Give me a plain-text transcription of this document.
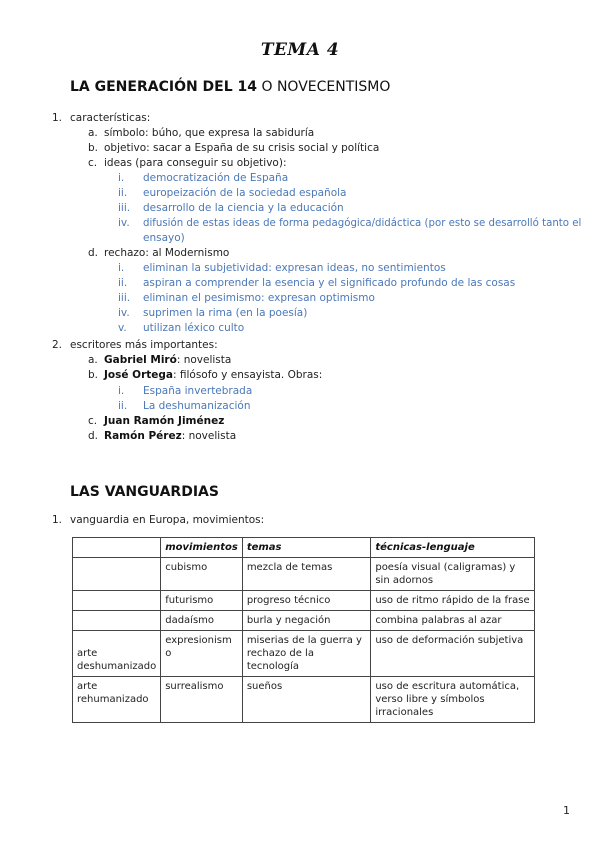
TEMA 4
LA GENERACIÓN DEL 14 O NOVECENTISMO
1. características:
a. símbolo: búho, que expresa la sabiduría
b. objetivo: sacar a España de su crisis social y política
c. ideas (para conseguir su objetivo):
i. democratización de España
ii. europeización de la sociedad española
iii. desarrollo de la ciencia y la educación
iv. difusión de estas ideas de forma pedagógica/didáctica (por esto se desarrolló tanto el
ensayo)
d. rechazo: al Modernismo
i. eliminan la subjetividad: expresan ideas, no sentimientos
ii. aspiran a comprender la esencia y el significado profundo de las cosas
iii. eliminan el pesimismo: expresan optimismo
iv. suprimen la rima (en la poesía)
v. utilizan léxico culto
2. escritores más importantes:
a. Gabriel Miró: novelista
b. José Ortega: filósofo y ensayista. Obras:
i. España invertebrada
ii. La deshumanización
c. Juan Ramón Jiménez
d. Ramón Pérez: novelista
LAS VANGUARDIAS
1. vanguardia en Europa, movimientos:
	movimientos	temas	técnicas-lenguaje
	cubismo	mezcla de temas	poesía visual (caligramas) y sin adornos
	futurismo	progreso técnico	uso de ritmo rápido de la frase
	dadaísmo	burla y negación	combina palabras al azar
arte deshumanizado	expresionism o	miserias de la guerra y rechazo de la tecnología	uso de deformación subjetiva
arte rehumanizado	surrealismo	sueños	uso de escritura automática, verso libre y símbolos irracionales
1
